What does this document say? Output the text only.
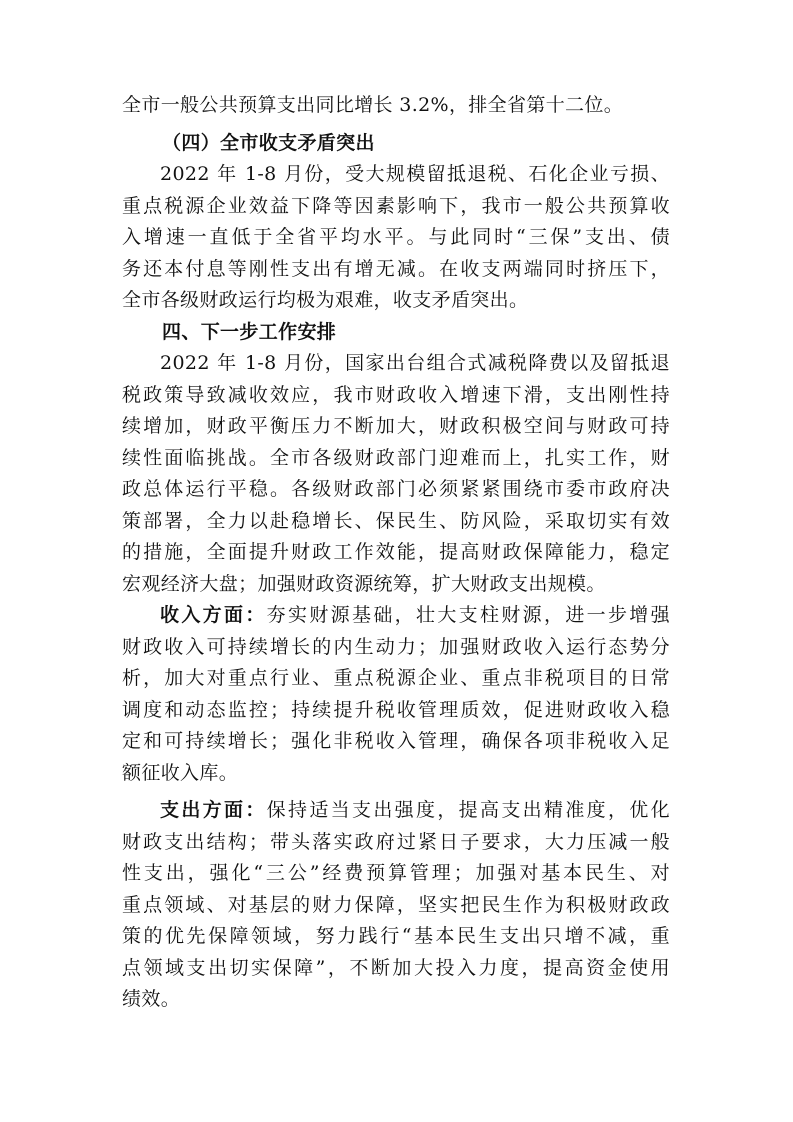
全市一般公共预算支出同比增长 3.2%，排全省第十二位。
（四）全市收支矛盾突出
2022 年 1-8 月份，受大规模留抵退税、石化企业亏损、
重点税源企业效益下降等因素影响下，我市一般公共预算收
入增速一直低于全省平均水平。与此同时“三保”支出、债
务还本付息等刚性支出有增无减。在收支两端同时挤压下，
全市各级财政运行均极为艰难，收支矛盾突出。
四、下一步工作安排
2022 年 1-8 月份，国家出台组合式减税降费以及留抵退
税政策导致减收效应，我市财政收入增速下滑，支出刚性持
续增加，财政平衡压力不断加大，财政积极空间与财政可持
续性面临挑战。全市各级财政部门迎难而上，扎实工作，财
政总体运行平稳。各级财政部门必须紧紧围绕市委市政府决
策部署，全力以赴稳增长、保民生、防风险，采取切实有效
的措施，全面提升财政工作效能，提高财政保障能力，稳定
宏观经济大盘；加强财政资源统筹，扩大财政支出规模。
收入方面：夯实财源基础，壮大支柱财源，进一步增强
财政收入可持续增长的内生动力；加强财政收入运行态势分
析，加大对重点行业、重点税源企业、重点非税项目的日常
调度和动态监控；持续提升税收管理质效，促进财政收入稳
定和可持续增长；强化非税收入管理，确保各项非税收入足
额征收入库。
支出方面：保持适当支出强度，提高支出精准度，优化
财政支出结构；带头落实政府过紧日子要求，大力压减一般
性支出，强化“三公”经费预算管理；加强对基本民生、对
重点领域、对基层的财力保障，坚实把民生作为积极财政政
策的优先保障领域，努力践行“基本民生支出只增不减，重
点领域支出切实保障”，不断加大投入力度，提高资金使用
绩效。
